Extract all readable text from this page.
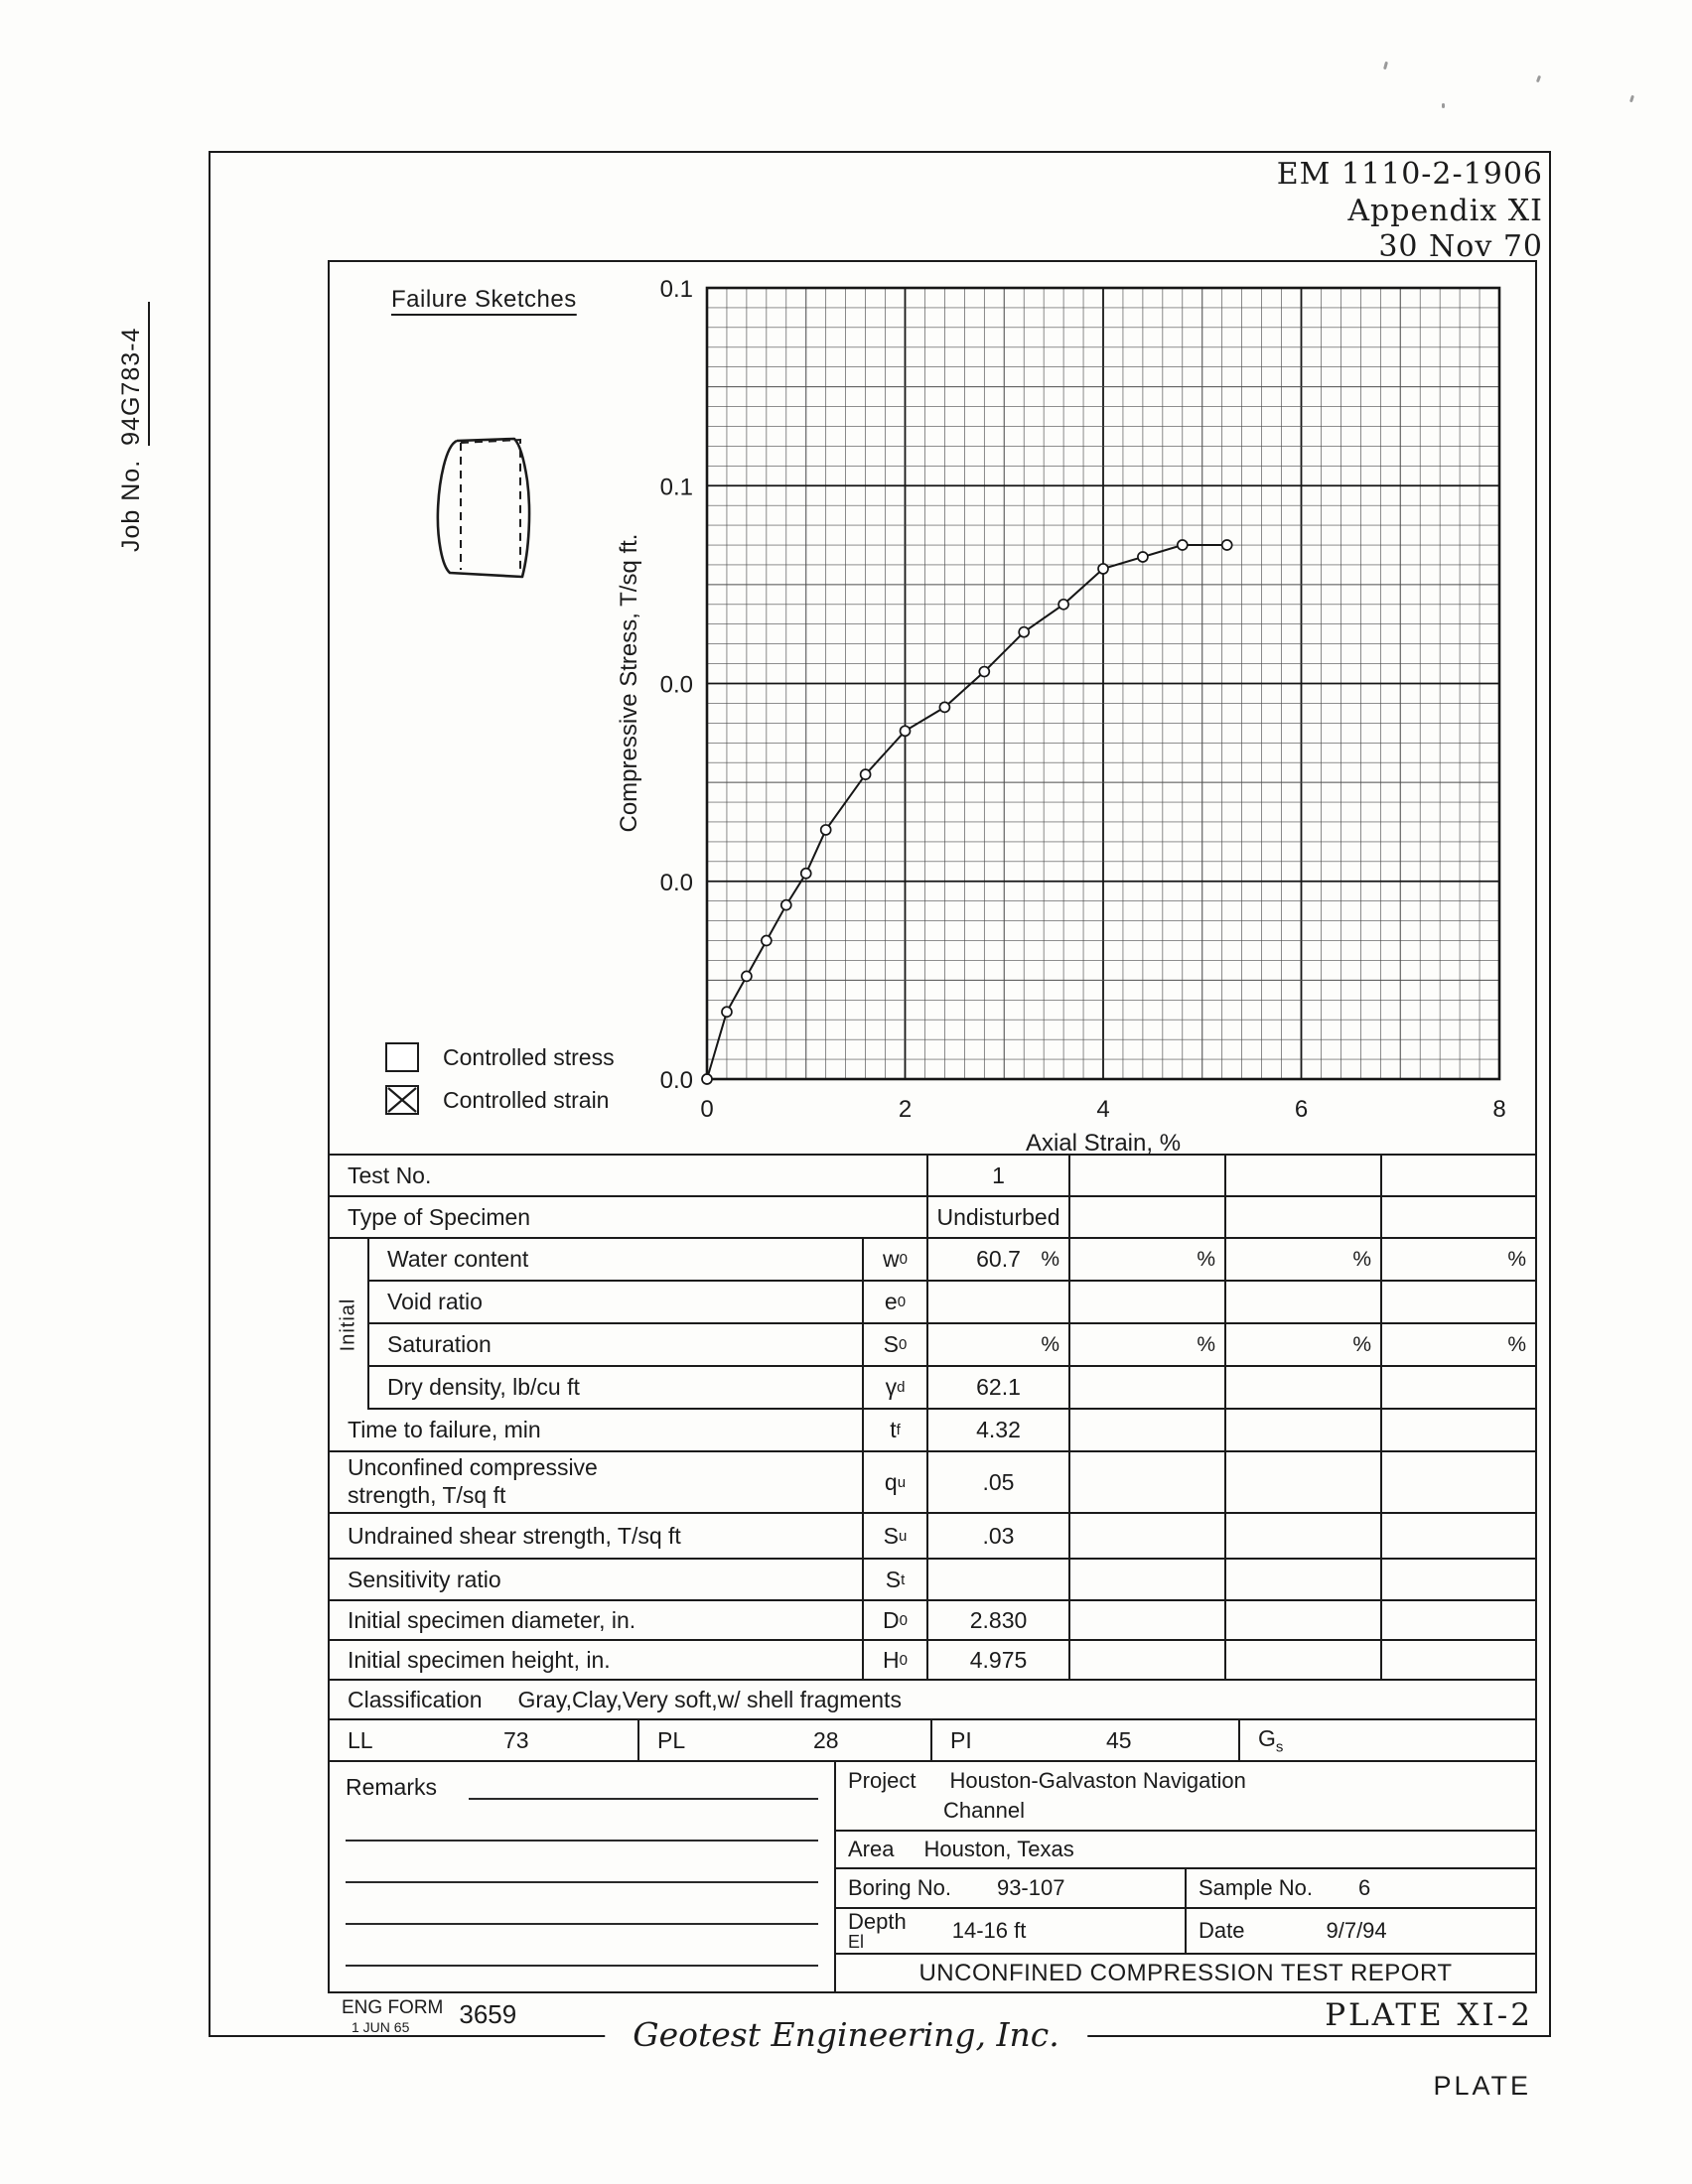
EM 1110-2-1906
Appendix XI
30 Nov 70
Job No.94G783-4
Failure Sketches
0	2	4	6	8
0.1
0.1
0.0
0.0
0.0
Compressive Stress, T/sq ft.
Axial Strain, %
Controlled stress
Controlled strain
Test No.	1
Type of Specimen	Undisturbed
Initial
Water content	w 0	60.7 %	%	%	%
Void ratio	e 0
Saturation	S 0	%	%	%	%
Dry density, lb/cu ft	γ d	62.1
Time to failure, min	t f	4.32
Unconfined compressive
strength, T/sq ft
q u	.05
Undrained shear strength, T/sq ft	S u	.03
Sensitivity ratio	S t
Initial specimen diameter, in.	D 0	2.830
Initial specimen height, in.	H 0	4.975
Classification Gray,Clay,Very soft,w/ shell fragments
LL	73	PL	28	PI	45	$G_s$
Remarks	Project Houston-Galvaston Navigation
Channel
Area Houston, Texas
Boring No. 93-107	Sample No. 6
Depth
El	14-16 ft	Date	9/7/94
UNCONFINED COMPRESSION TEST REPORT
ENG FORM
1 JUN 65	3659	PLATE XI-2
Geotest Engineering, Inc.
PLATE
